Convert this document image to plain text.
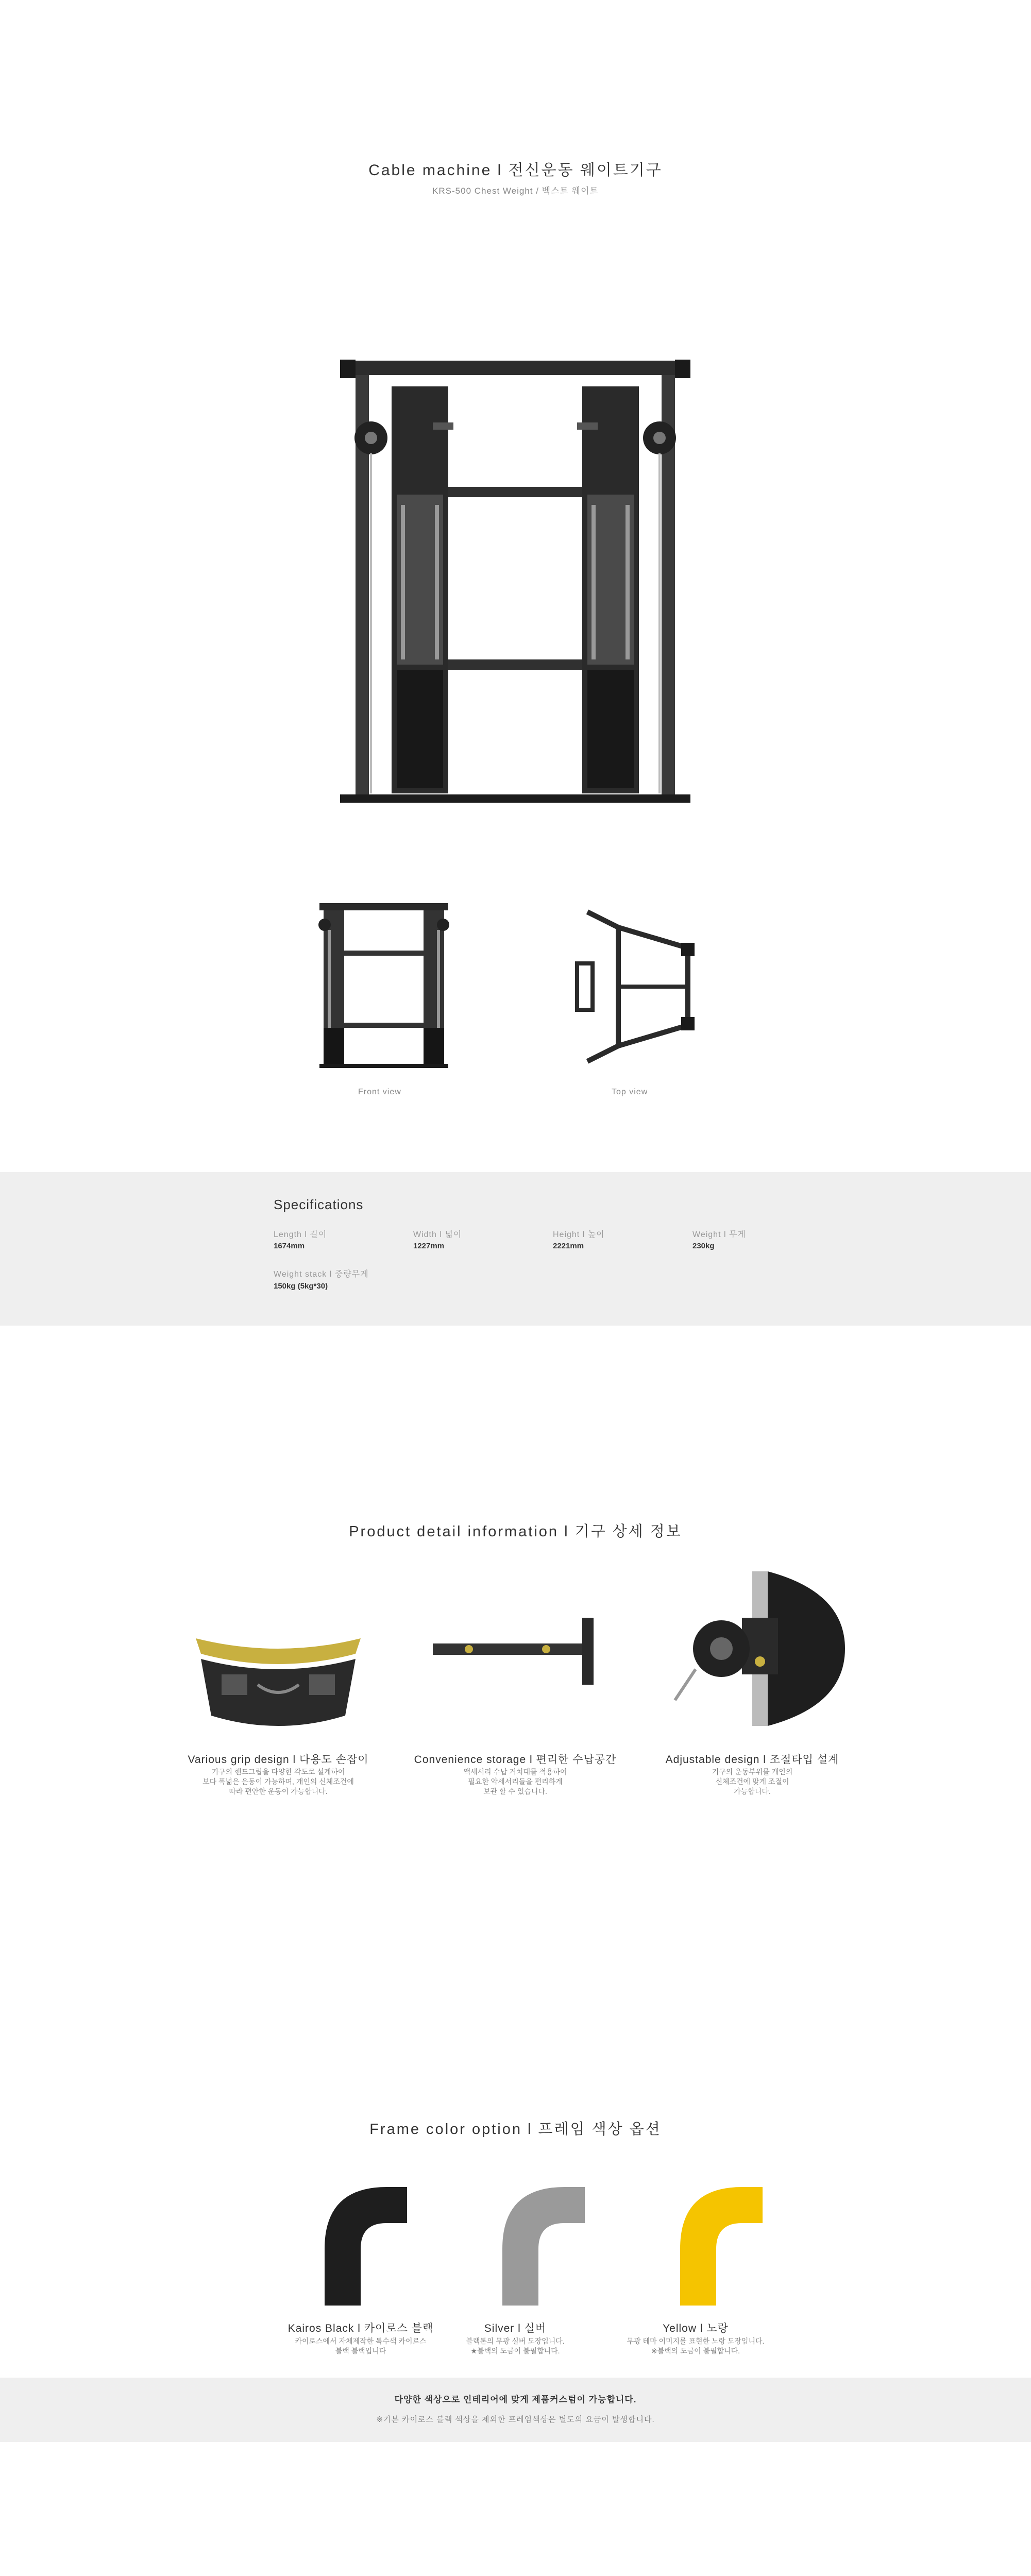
Cable machine l 전신운동 웨이트기구
KRS-500 Chest Weight / 벡스트 웨이트
Front view	Top view
Specifications
Length l 길이
1674mm
Width l 넓이
1227mm
Height l 높이
2221mm
Weight l 무게
230kg
Weight stack l 중량무게
150kg (5kg*30)
Product detail information l 기구 상세 정보
Various grip design l 다용도 손잡이
기구의 핸드그립을 다양한 각도로 설계하여
보다 폭넓은 운동이 가능하며, 개인의 신체조건에
따라 편안한 운동이 가능합니다.
Convenience storage l 편리한 수납공간
액세서리 수납 거치대를 적용하여
필요한 악세서리들을 편리하게
보관 할 수 있습니다.
Adjustable design l 조절타입 설계
기구의 운동부위를 개인의
신체조건에 맞게 조절이
가능합니다.
Frame color option l 프레임 색상 옵션
Kairos Black l 카이로스 블랙
카이로스에서 자체제작한 특수색 카이로스
블랙 블랙입니다
Silver l 실버
블랙톤의 무광 실버 도장입니다.
★블랙의 도금이 불필합니다.
Yellow l 노랑
무광 테마 이미지를 표현한 노랑 도장입니다.
※블랙의 도금이 불필합니다.
다양한 색상으로 인테리어에 맞게 제품커스텀이 가능합니다.
※기본 카이로스 블랙 색상을 제외한 프레임색상은 별도의 요금이 발생합니다.
